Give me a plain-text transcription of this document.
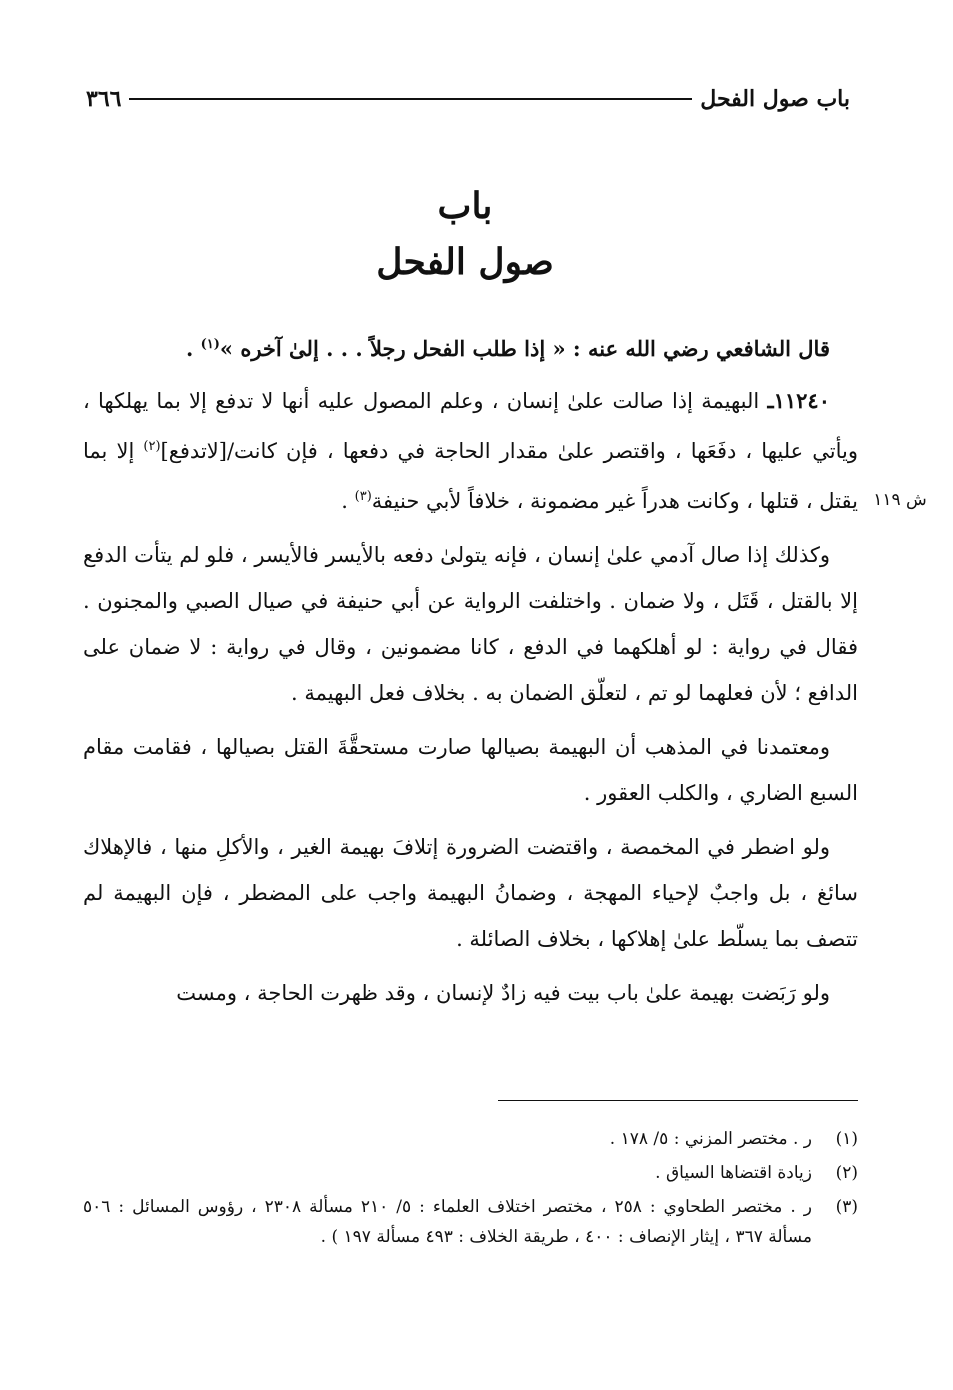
باب صول الفحل
٣٦٦
باب
صول الفحل
ش ١١٩

قال الشافعي رضي الله عنه : « إذا طلب الفحل رجلاً . . . إلىٰ آخره »$^{(١)}$ .

١١٢٤٠ـ البهيمة إذا صالت علىٰ إنسان ، وعلم المصول عليه أنها لا تدفع إلا بما يهلكها ، ويأتي عليها ، دفَعَها ، واقتصر علىٰ مقدار الحاجة في دفعها ، فإن كانت/[لاتدفع]$^{(٢)}$ إلا بما يقتل ، قتلها ، وكانت هدراً غير مضمونة ، خلافاً لأبي حنيفة$^{(٣)}$ .

وكذلك إذا صال آدمي علىٰ إنسان ، فإنه يتولىٰ دفعه بالأيسر فالأيسر ، فلو لم يتأت الدفع إلا بالقتل ، قَتَل ، ولا ضمان . واختلفت الرواية عن أبي حنيفة في صيال الصبي والمجنون . فقال في رواية : لو أهلكهما في الدفع ، كانا مضمونين ، وقال في رواية : لا ضمان على الدافع ؛ لأن فعلهما لو تم ، لتعلّق الضمان به . بخلاف فعل البهيمة .

ومعتمدنا في المذهب أن البهيمة بصيالها صارت مستحقَّةَ القتل بصيالها ، فقامت مقام السبع الضاري ، والكلب العقور .

ولو اضطر في المخمصة ، واقتضت الضرورة إتلافَ بهيمة الغير ، والأكلِ منها ، فالإهلاك سائغ ، بل واجبٌ لإحياء المهجة ، وضمانُ البهيمة واجب على المضطر ، فإن البهيمة لم تتصف بما يسلّط علىٰ إهلاكها ، بخلاف الصائلة .

ولو رَبَضت بهيمة علىٰ باب بيت فيه زادٌ لإنسان ، وقد ظهرت الحاجة ، ومست

(١)
ر . مختصر المزني : ٥/ ١٧٨ .
(٢)
زيادة اقتضاها السياق .
(٣)
ر . مختصر الطحاوي : ٢٥٨ ، مختصر اختلاف العلماء : ٥/ ٢١٠ مسألة ٢٣٠٨ ، رؤوس المسائل : ٥٠٦ مسألة ٣٦٧ ، إيثار الإنصاف : ٤٠٠ ، طريقة الخلاف : ٤٩٣ مسألة ١٩٧ ) .
